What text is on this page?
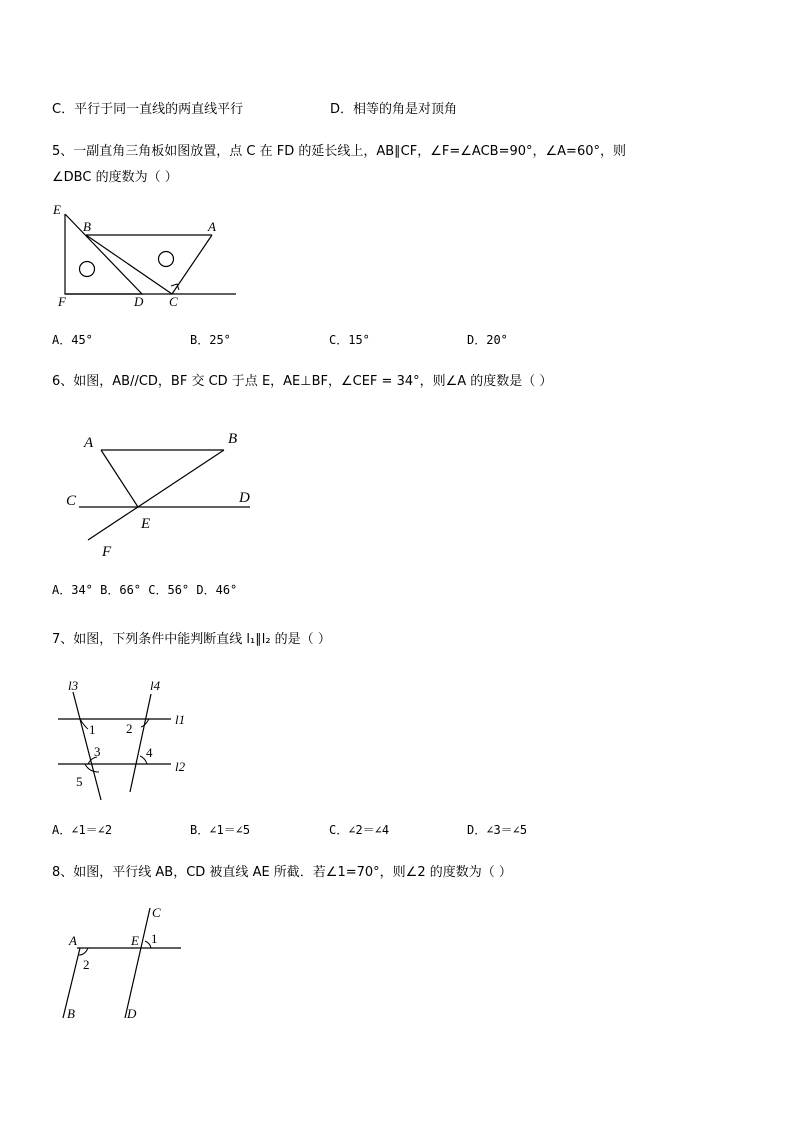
C．平行于同一直线的两直线平行	D．相等的角是对顶角
5、一副直角三角板如图放置，点 C 在 FD 的延长线上，AB∥CF，∠F=∠ACB=90°，∠A=60°，则
∠DBC 的度数为（ ）
E
B	A
F	D C
A．45°	B．25°	C．15°	D．20°
6、如图，AB//CD，BF 交 CD 于点 E，AE⊥BF，∠CEF = 34°，则∠A 的度数是（ ）
A	B
C	D
E
F
A．34° B．66° C．56° D．46°
7、如图，下列条件中能判断直线 l₁∥l₂ 的是（ ）
l3	l4
l1
l2
1 2
3	4
5
A．∠1＝∠2	B．∠1＝∠5	C．∠2＝∠4	D．∠3＝∠5
8、如图，平行线 AB，CD 被直线 AE 所截．若∠1=70°，则∠2 的度数为（ ）
C
A	E 1
2
B	D
